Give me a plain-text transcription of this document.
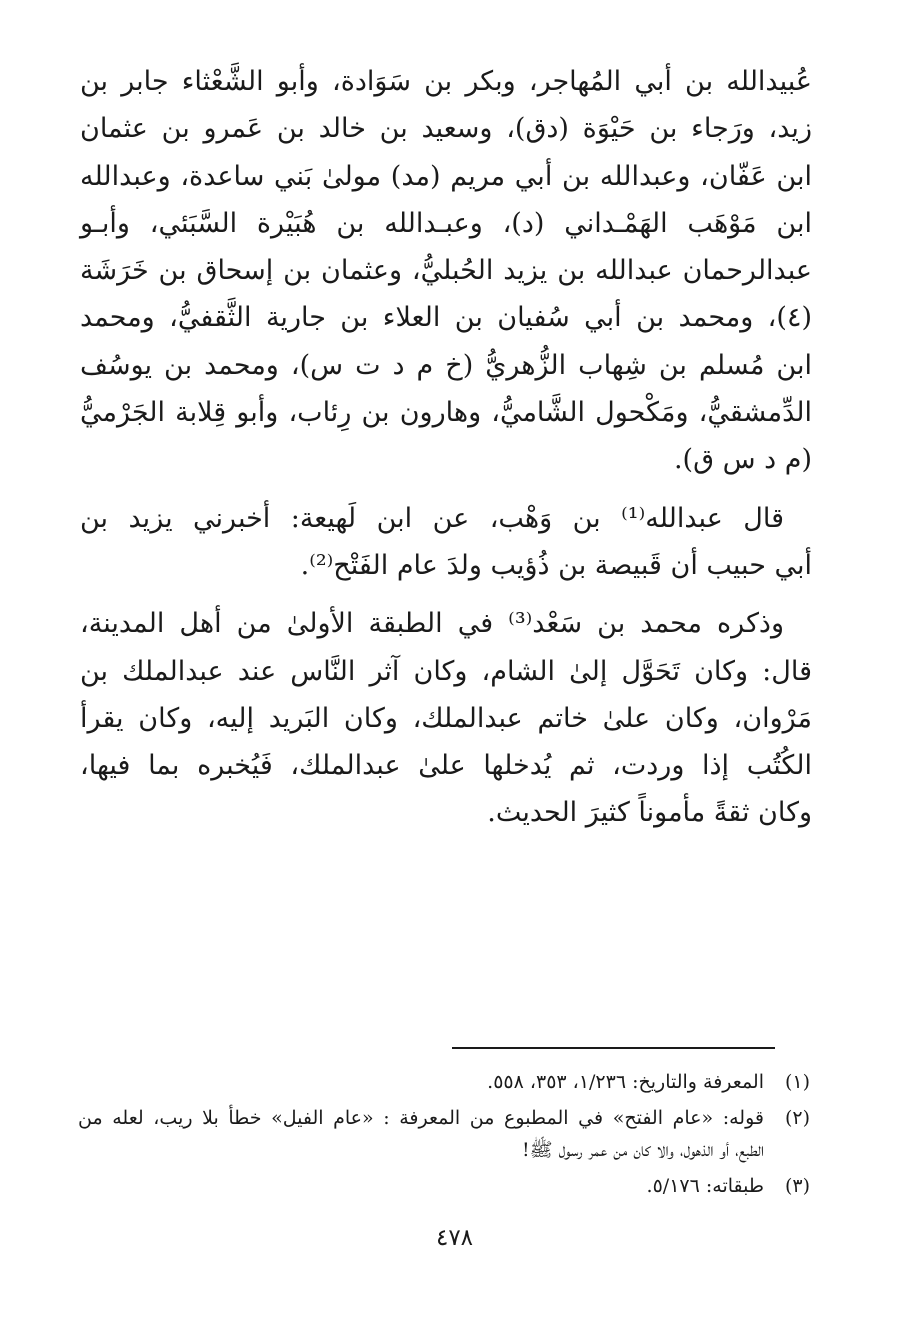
عُبيدالله بن أبي المُهاجر، وبكر بن سَوَادة، وأبو الشَّعْثاء جابر بن
زيد، ورَجاء بن حَيْوَة (دق)، وسعيد بن خالد بن عَمرو بن عثمان
ابن عَفّان، وعبدالله بن أبي مريم (مد) مولىٰ بَني ساعدة، وعبدالله
ابن مَوْهَب الهَمْـداني (د)، وعبـدالله بن هُبَيْرة السَّبَئي، وأبـو
عبدالرحمان عبدالله بن يزيد الحُبليُّ، وعثمان بن إسحاق بن خَرَشَة
(٤)، ومحمد بن أبي سُفيان بن العلاء بن جارية الثَّقفيُّ، ومحمد
ابن مُسلم بن شِهاب الزُّهريُّ (خ م د ت س)، ومحمد بن يوسُف
الدِّمشقيُّ، ومَكْحول الشَّاميُّ، وهارون بن رِئاب، وأبو قِلابة الجَرْميُّ
(م د س ق).

قال عبدالله⁽¹⁾ بن وَهْب، عن ابن لَهيعة: أخبرني يزيد بن
أبي حبيب أن قَبيصة بن ذُؤيب ولدَ عام الفَتْح⁽²⁾.

وذكره محمد بن سَعْد⁽³⁾ في الطبقة الأولىٰ من أهل المدينة،
قال: وكان تَحَوَّل إلىٰ الشام، وكان آثر النَّاس عند عبدالملك بن
مَرْوان، وكان علىٰ خاتم عبدالملك، وكان البَريد إليه، وكان يقرأ
الكُتُب إذا وردت، ثم يُدخلها علىٰ عبدالملك، فَيُخبره بما فيها،
وكان ثقةً مأموناً كثيرَ الحديث.

(١)
المعرفة والتاريخ: ١/٢٣٦، ٣٥٣، ٥٥٨.
(٢)
قوله: «عام الفتح» في المطبوع من المعرفة : «عام الفيل» خطأ بلا ريب، لعله من
الطبع، أو الذهول، والا كان من عمر رسول ﷺ!
(٣)
طبقاته: ٥/١٧٦.
٤٧٨
